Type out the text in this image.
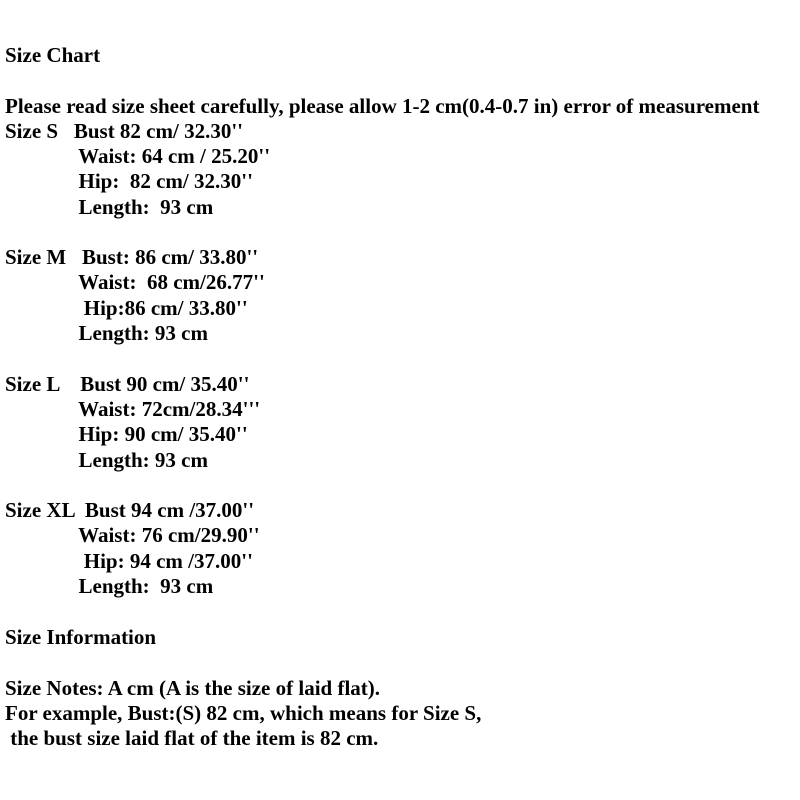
Size Chart
Please read size sheet carefully, please allow 1-2 cm(0.4-0.7 in) error of measurement
Size S   Bust 82 cm/ 32.30''
Waist: 64 cm / 25.20''
Hip:  82 cm/ 32.30''
Length:  93 cm
Size M   Bust: 86 cm/ 33.80''
Waist:  68 cm/26.77''
Hip:86 cm/ 33.80''
Length: 93 cm
Size L    Bust 90 cm/ 35.40''
Waist: 72cm/28.34'''
Hip: 90 cm/ 35.40''
Length: 93 cm
Size XL  Bust 94 cm /37.00''
Waist: 76 cm/29.90''
Hip: 94 cm /37.00''
Length:  93 cm
Size Information
Size Notes: A cm (A is the size of laid flat).
For example, Bust:(S) 82 cm, which means for Size S,
the bust size laid flat of the item is 82 cm.
